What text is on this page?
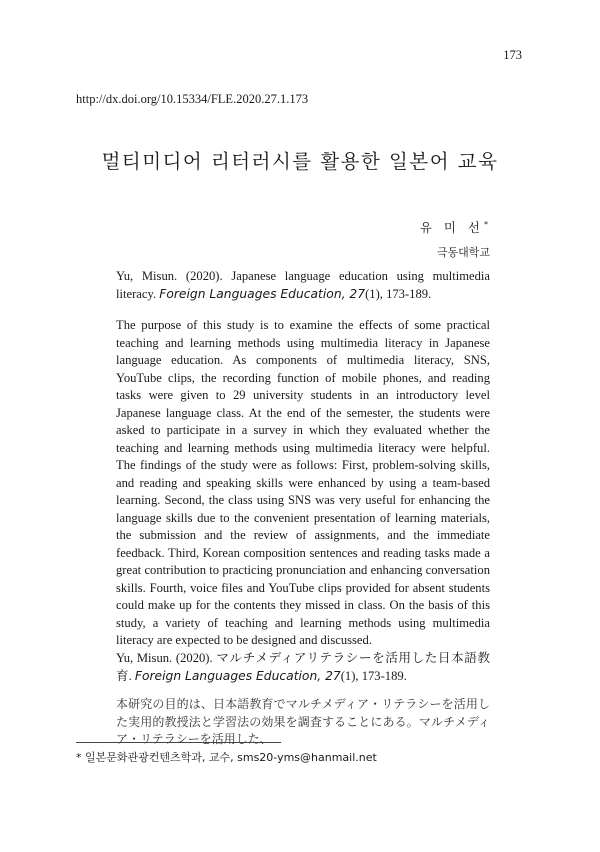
173
http://dx.doi.org/10.15334/FLE.2020.27.1.173
멀티미디어 리터러시를 활용한 일본어 교육
유 미 선*
극동대학교
Yu, Misun. (2020). Japanese language education using multimedia literacy. Foreign Languages Education, 27(1), 173-189.
The purpose of this study is to examine the effects of some practical teaching and learning methods using multimedia literacy in Japanese language education. As components of multimedia literacy, SNS, YouTube clips, the recording function of mobile phones, and reading tasks were given to 29 university students in an introductory level Japanese language class. At the end of the semester, the students were asked to participate in a survey in which they evaluated whether the teaching and learning methods using multimedia literacy were helpful. The findings of the study were as follows: First, problem-solving skills, and reading and speaking skills were enhanced by using a team-based learning. Second, the class using SNS was very useful for enhancing the language skills due to the convenient presentation of learning materials, the submission and the review of assignments, and the immediate feedback. Third, Korean composition sentences and reading tasks made a great contribution to practicing pronunciation and enhancing conversation skills. Fourth, voice files and YouTube clips provided for absent students could make up for the contents they missed in class. On the basis of this study, a variety of teaching and learning methods using multimedia literacy are expected to be designed and discussed.
Yu, Misun. (2020). マルチメディアリテラシーを活用した日本語教育. Foreign Languages Education, 27(1), 173-189.
本研究の目的は、日本語教育でマルチメディア・リテラシーを活用した実用的教授法と学習法の効果を調査することにある。マルチメディア・リテラシーを活用した、
* 일본문화관광컨텐츠학과, 교수, sms20-yms@hanmail.net
